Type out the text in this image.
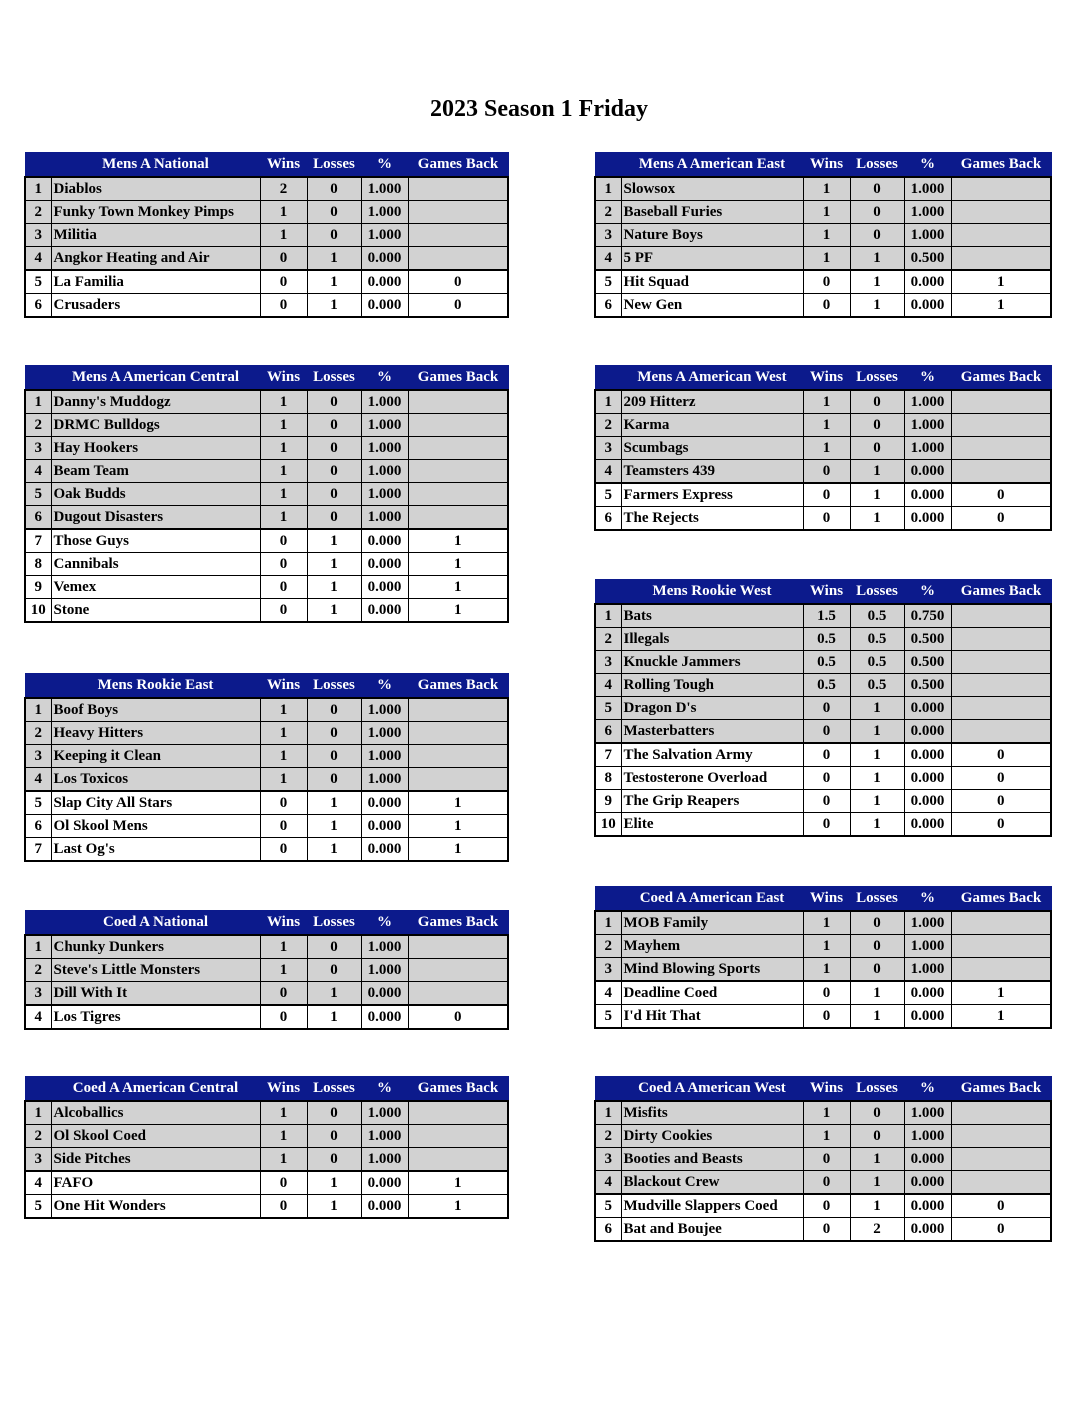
2023 Season 1 Friday
	Mens A National	Wins	Losses	%	Games Back
1	Diablos	2	0	1.000	
2	Funky Town Monkey Pimps	1	0	1.000	
3	Militia	1	0	1.000	
4	Angkor Heating and Air	0	1	0.000	
5	La Familia	0	1	0.000	0
6	Crusaders	0	1	0.000	0
	Mens A American East	Wins	Losses	%	Games Back
1	Slowsox	1	0	1.000	
2	Baseball Furies	1	0	1.000	
3	Nature Boys	1	0	1.000	
4	5 PF	1	1	0.500	
5	Hit Squad	0	1	0.000	1
6	New Gen	0	1	0.000	1
	Mens A American Central	Wins	Losses	%	Games Back
1	Danny's Muddogz	1	0	1.000	
2	DRMC Bulldogs	1	0	1.000	
3	Hay Hookers	1	0	1.000	
4	Beam Team	1	0	1.000	
5	Oak Budds	1	0	1.000	
6	Dugout Disasters	1	0	1.000	
7	Those Guys	0	1	0.000	1
8	Cannibals	0	1	0.000	1
9	Vemex	0	1	0.000	1
10	Stone	0	1	0.000	1
	Mens A American West	Wins	Losses	%	Games Back
1	209 Hitterz	1	0	1.000	
2	Karma	1	0	1.000	
3	Scumbags	1	0	1.000	
4	Teamsters 439	0	1	0.000	
5	Farmers Express	0	1	0.000	0
6	The Rejects	0	1	0.000	0
	Mens Rookie West	Wins	Losses	%	Games Back
1	Bats	1.5	0.5	0.750	
2	Illegals	0.5	0.5	0.500	
3	Knuckle Jammers	0.5	0.5	0.500	
4	Rolling Tough	0.5	0.5	0.500	
5	Dragon D's	0	1	0.000	
6	Masterbatters	0	1	0.000	
7	The Salvation Army	0	1	0.000	0
8	Testosterone Overload	0	1	0.000	0
9	The Grip Reapers	0	1	0.000	0
10	Elite	0	1	0.000	0
	Mens Rookie East	Wins	Losses	%	Games Back
1	Boof Boys	1	0	1.000	
2	Heavy Hitters	1	0	1.000	
3	Keeping it Clean	1	0	1.000	
4	Los Toxicos	1	0	1.000	
5	Slap City All Stars	0	1	0.000	1
6	Ol Skool Mens	0	1	0.000	1
7	Last Og's	0	1	0.000	1
	Coed A American East	Wins	Losses	%	Games Back
1	MOB Family	1	0	1.000	
2	Mayhem	1	0	1.000	
3	Mind Blowing Sports	1	0	1.000	
4	Deadline Coed	0	1	0.000	1
5	I'd Hit That	0	1	0.000	1
	Coed A National	Wins	Losses	%	Games Back
1	Chunky Dunkers	1	0	1.000	
2	Steve's Little Monsters	1	0	1.000	
3	Dill With It	0	1	0.000	
4	Los Tigres	0	1	0.000	0
	Coed A American Central	Wins	Losses	%	Games Back
1	Alcoballics	1	0	1.000	
2	Ol Skool Coed	1	0	1.000	
3	Side Pitches	1	0	1.000	
4	FAFO	0	1	0.000	1
5	One Hit Wonders	0	1	0.000	1
	Coed A American West	Wins	Losses	%	Games Back
1	Misfits	1	0	1.000	
2	Dirty Cookies	1	0	1.000	
3	Booties and Beasts	0	1	0.000	
4	Blackout Crew	0	1	0.000	
5	Mudville Slappers Coed	0	1	0.000	0
6	Bat and Boujee	0	2	0.000	0
